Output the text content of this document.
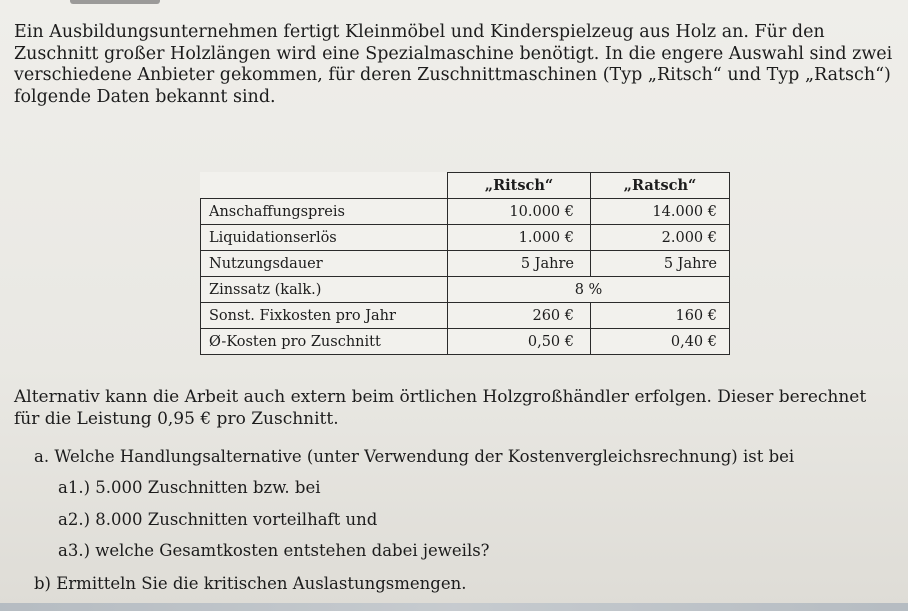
Ein Ausbildungsunternehmen fertigt Kleinmöbel und Kinderspielzeug aus Holz an. Für den Zuschnitt großer Holzlängen wird eine Spezialmaschine benötigt. In die engere Auswahl sind zwei verschiedene Anbieter gekommen, für deren Zuschnittmaschinen (Typ „Ritsch“ und Typ „Ratsch“) folgende Daten bekannt sind.

	„Ritsch“	„Ratsch“
Anschaffungspreis	10.000 €	14.000 €
Liquidationserlös	1.000 €	2.000 €
Nutzungsdauer	5 Jahre	5 Jahre
Zinssatz (kalk.)	8 %	
Sonst. Fixkosten pro Jahr	260 €	160 €
Ø-Kosten pro Zuschnitt	0,50 €	0,40 €

Alternativ kann die Arbeit auch extern beim örtlichen Holzgroßhändler erfolgen. Dieser berechnet für die Leistung 0,95 € pro Zuschnitt.

a. Welche Handlungsalternative (unter Verwendung der Kostenvergleichsrechnung) ist bei
a1.) 5.000 Zuschnitten bzw. bei
a2.) 8.000 Zuschnitten vorteilhaft und
a3.) welche Gesamtkosten entstehen dabei jeweils?
b) Ermitteln Sie die kritischen Auslastungsmengen.
